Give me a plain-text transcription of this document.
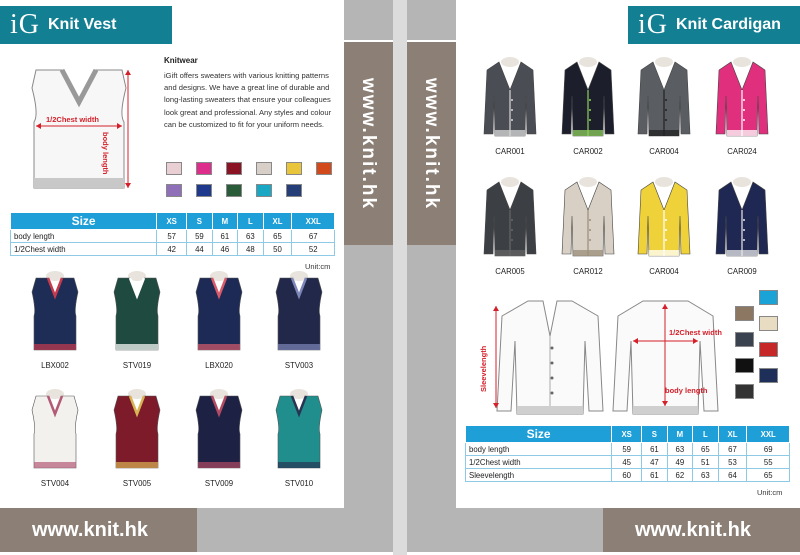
iG Knit Vest
www.knit.hk
1/2Chest width
body length
Knitwear
iGift offers sweaters with various knitting patterns and designs. We have a great line of durable and long-lasting sweaters that ensure your colleagues look great and professional. Any styles and colour can be customized to fit for your uniform needs.
Size	XS	S	M	L	XL	XXL
body length	57	59	61	63	65	67
1/2Chest width	42	44	46	48	50	52
Unit:cm
LBX002	STV019	LBX020	STV003
STV004	STV005	STV009	STV010
www.knit.hk
iG Knit Cardigan
www.knit.hk	CAR001	CAR002	CAR004	CAR024
CAR005	CAR012	CAR004	CAR009
1/2Chest width
body length
Sleevelength
Size	XS	S	M	L	XL	XXL
body length	59	61	63	65	67	69
1/2Chest width	45	47	49	51	53	55
Sleevelength	60	61	62	63	64	65
Unit:cm
www.knit.hk
